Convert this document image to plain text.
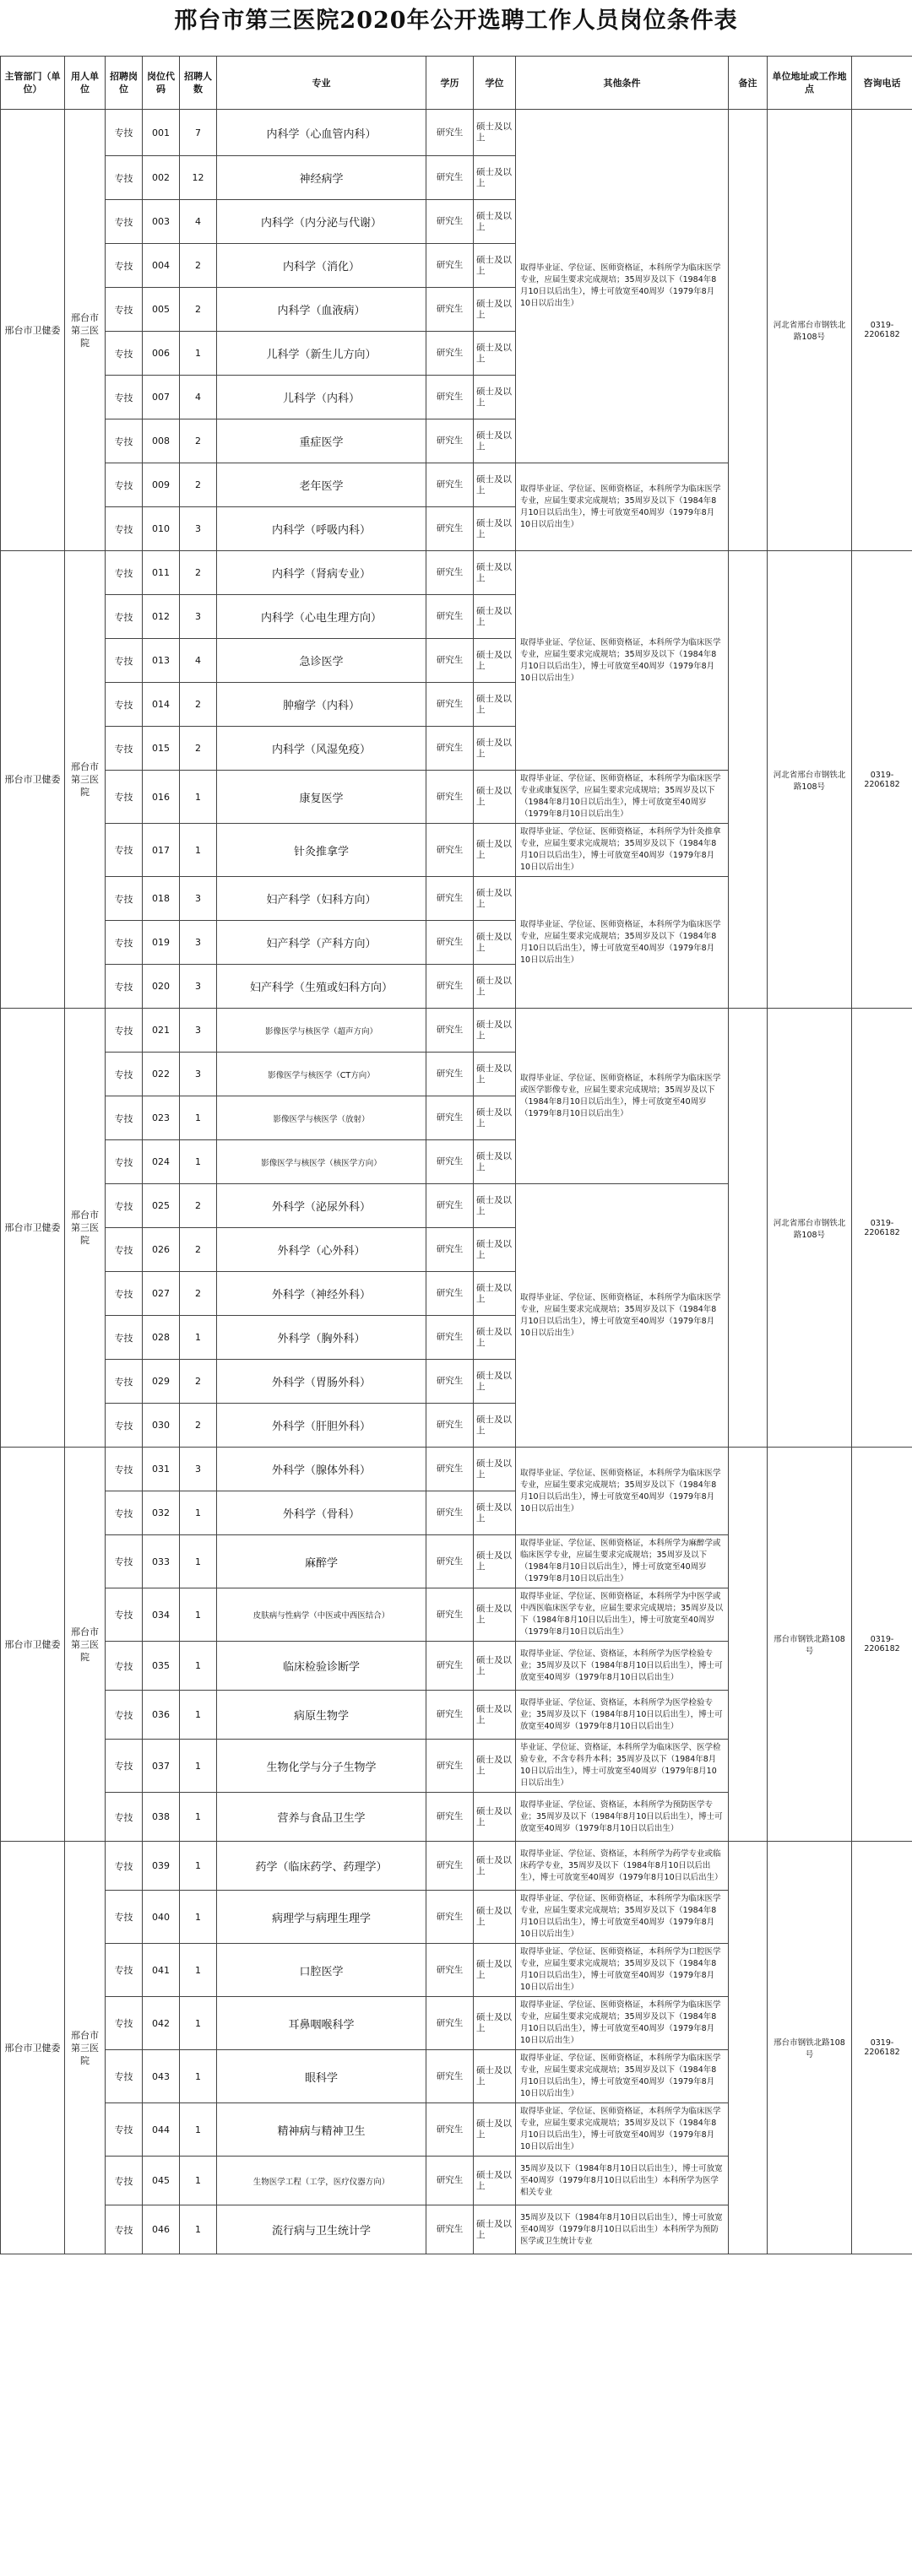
邢台市第三医院2020年公开选聘工作人员岗位条件表
主管部门（单位）	用人单位	招聘岗位	岗位代码	招聘人数	专业	学历	学位	其他条件	备注	单位地址或工作地点	咨询电话
邢台市卫健委	邢台市第三医院	专技	001	7	内科学（心血管内科）	研究生	硕士及以上	取得毕业证、学位证、医师资格证，本科所学为临床医学专业，应届生要求完成规培；35周岁及以下（1984年8月10日以后出生），博士可放宽至40周岁（1979年8月10日以后出生）		河北省邢台市钢铁北路108号	0319-2206182
		专技	002	12	神经病学	研究生	硕士及以上				
		专技	003	4	内科学（内分泌与代谢）	研究生	硕士及以上				
		专技	004	2	内科学（消化）	研究生	硕士及以上				
		专技	005	2	内科学（血液病）	研究生	硕士及以上				
		专技	006	1	儿科学（新生儿方向）	研究生	硕士及以上				
		专技	007	4	儿科学（内科）	研究生	硕士及以上				
		专技	008	2	重症医学	研究生	硕士及以上				
		专技	009	2	老年医学	研究生	硕士及以上	取得毕业证、学位证、医师资格证，本科所学为临床医学专业，应届生要求完成规培；35周岁及以下（1984年8月10日以后出生），博士可放宽至40周岁（1979年8月10日以后出生）			
		专技	010	3	内科学（呼吸内科）	研究生	硕士及以上				
邢台市卫健委	邢台市第三医院	专技	011	2	内科学（肾病专业）	研究生	硕士及以上	取得毕业证、学位证、医师资格证，本科所学为临床医学专业，应届生要求完成规培；35周岁及以下（1984年8月10日以后出生），博士可放宽至40周岁（1979年8月10日以后出生）		河北省邢台市钢铁北路108号	0319-2206182
		专技	012	3	内科学（心电生理方向）	研究生	硕士及以上				
		专技	013	4	急诊医学	研究生	硕士及以上				
		专技	014	2	肿瘤学（内科）	研究生	硕士及以上				
		专技	015	2	内科学（风湿免疫）	研究生	硕士及以上				
		专技	016	1	康复医学	研究生	硕士及以上	取得毕业证、学位证、医师资格证，本科所学为临床医学专业或康复医学，应届生要求完成规培；35周岁及以下（1984年8月10日以后出生），博士可放宽至40周岁（1979年8月10日以后出生）			
		专技	017	1	针灸推拿学	研究生	硕士及以上	取得毕业证、学位证、医师资格证，本科所学为针灸推拿专业，应届生要求完成规培；35周岁及以下（1984年8月10日以后出生），博士可放宽至40周岁（1979年8月10日以后出生）			
		专技	018	3	妇产科学（妇科方向）	研究生	硕士及以上	取得毕业证、学位证、医师资格证，本科所学为临床医学专业，应届生要求完成规培；35周岁及以下（1984年8月10日以后出生），博士可放宽至40周岁（1979年8月10日以后出生）			
		专技	019	3	妇产科学（产科方向）	研究生	硕士及以上				
		专技	020	3	妇产科学（生殖或妇科方向）	研究生	硕士及以上				
邢台市卫健委	邢台市第三医院	专技	021	3	影像医学与核医学（超声方向）	研究生	硕士及以上	取得毕业证、学位证、医师资格证，本科所学为临床医学或医学影像专业，应届生要求完成规培；35周岁及以下（1984年8月10日以后出生），博士可放宽至40周岁（1979年8月10日以后出生）		河北省邢台市钢铁北路108号	0319-2206182
		专技	022	3	影像医学与核医学（CT方向）	研究生	硕士及以上				
		专技	023	1	影像医学与核医学（放射）	研究生	硕士及以上				
		专技	024	1	影像医学与核医学（核医学方向）	研究生	硕士及以上				
		专技	025	2	外科学（泌尿外科）	研究生	硕士及以上	取得毕业证、学位证、医师资格证，本科所学为临床医学专业，应届生要求完成规培；35周岁及以下（1984年8月10日以后出生），博士可放宽至40周岁（1979年8月10日以后出生）			
		专技	026	2	外科学（心外科）	研究生	硕士及以上				
		专技	027	2	外科学（神经外科）	研究生	硕士及以上				
		专技	028	1	外科学（胸外科）	研究生	硕士及以上				
		专技	029	2	外科学（胃肠外科）	研究生	硕士及以上				
		专技	030	2	外科学（肝胆外科）	研究生	硕士及以上				
邢台市卫健委	邢台市第三医院	专技	031	3	外科学（腺体外科）	研究生	硕士及以上	取得毕业证、学位证、医师资格证，本科所学为临床医学专业，应届生要求完成规培；35周岁及以下（1984年8月10日以后出生），博士可放宽至40周岁（1979年8月10日以后出生）		邢台市钢铁北路108号	0319-2206182
		专技	032	1	外科学（骨科）	研究生	硕士及以上				
		专技	033	1	麻醉学	研究生	硕士及以上	取得毕业证、学位证、医师资格证，本科所学为麻醉学或临床医学专业，应届生要求完成规培；35周岁及以下（1984年8月10日以后出生），博士可放宽至40周岁（1979年8月10日以后出生）			
		专技	034	1	皮肤病与性病学（中医或中西医结合）	研究生	硕士及以上	取得毕业证、学位证、医师资格证，本科所学为中医学或中西医临床医学专业，应届生要求完成规培；35周岁及以下（1984年8月10日以后出生），博士可放宽至40周岁（1979年8月10日以后出生）			
		专技	035	1	临床检验诊断学	研究生	硕士及以上	取得毕业证、学位证、资格证，本科所学为医学检验专业；35周岁及以下（1984年8月10日以后出生），博士可放宽至40周岁（1979年8月10日以后出生）			
		专技	036	1	病原生物学	研究生	硕士及以上	取得毕业证、学位证、资格证，本科所学为医学检验专业；35周岁及以下（1984年8月10日以后出生），博士可放宽至40周岁（1979年8月10日以后出生）			
		专技	037	1	生物化学与分子生物学	研究生	硕士及以上	毕业证、学位证、资格证，本科所学为临床医学、医学检验专业，不含专科升本科；35周岁及以下（1984年8月10日以后出生），博士可放宽至40周岁（1979年8月10日以后出生）			
		专技	038	1	营养与食品卫生学	研究生	硕士及以上	取得毕业证、学位证、资格证，本科所学为预防医学专业；35周岁及以下（1984年8月10日以后出生），博士可放宽至40周岁（1979年8月10日以后出生）			
邢台市卫健委	邢台市第三医院	专技	039	1	药学（临床药学、药理学）	研究生	硕士及以上	取得毕业证、学位证、资格证，本科所学为药学专业或临床药学专业，35周岁及以下（1984年8月10日以后出生），博士可放宽至40周岁（1979年8月10日以后出生）		邢台市钢铁北路108号	0319-2206182
		专技	040	1	病理学与病理生理学	研究生	硕士及以上	取得毕业证、学位证、医师资格证，本科所学为临床医学专业，应届生要求完成规培；35周岁及以下（1984年8月10日以后出生），博士可放宽至40周岁（1979年8月10日以后出生）			
		专技	041	1	口腔医学	研究生	硕士及以上	取得毕业证、学位证、医师资格证，本科所学为口腔医学专业，应届生要求完成规培；35周岁及以下（1984年8月10日以后出生），博士可放宽至40周岁（1979年8月10日以后出生）			
		专技	042	1	耳鼻咽喉科学	研究生	硕士及以上	取得毕业证、学位证、医师资格证，本科所学为临床医学专业，应届生要求完成规培；35周岁及以下（1984年8月10日以后出生），博士可放宽至40周岁（1979年8月10日以后出生）			
		专技	043	1	眼科学	研究生	硕士及以上	取得毕业证、学位证、医师资格证，本科所学为临床医学专业，应届生要求完成规培；35周岁及以下（1984年8月10日以后出生），博士可放宽至40周岁（1979年8月10日以后出生）			
		专技	044	1	精神病与精神卫生	研究生	硕士及以上	取得毕业证、学位证、医师资格证，本科所学为临床医学专业，应届生要求完成规培；35周岁及以下（1984年8月10日以后出生），博士可放宽至40周岁（1979年8月10日以后出生）			
		专技	045	1	生物医学工程（工学，医疗仪器方向）	研究生	硕士及以上	35周岁及以下（1984年8月10日以后出生），博士可放宽至40周岁（1979年8月10日以后出生）本科所学为医学相关专业			
		专技	046	1	流行病与卫生统计学	研究生	硕士及以上	35周岁及以下（1984年8月10日以后出生），博士可放宽至40周岁（1979年8月10日以后出生）本科所学为预防医学或卫生统计专业			
